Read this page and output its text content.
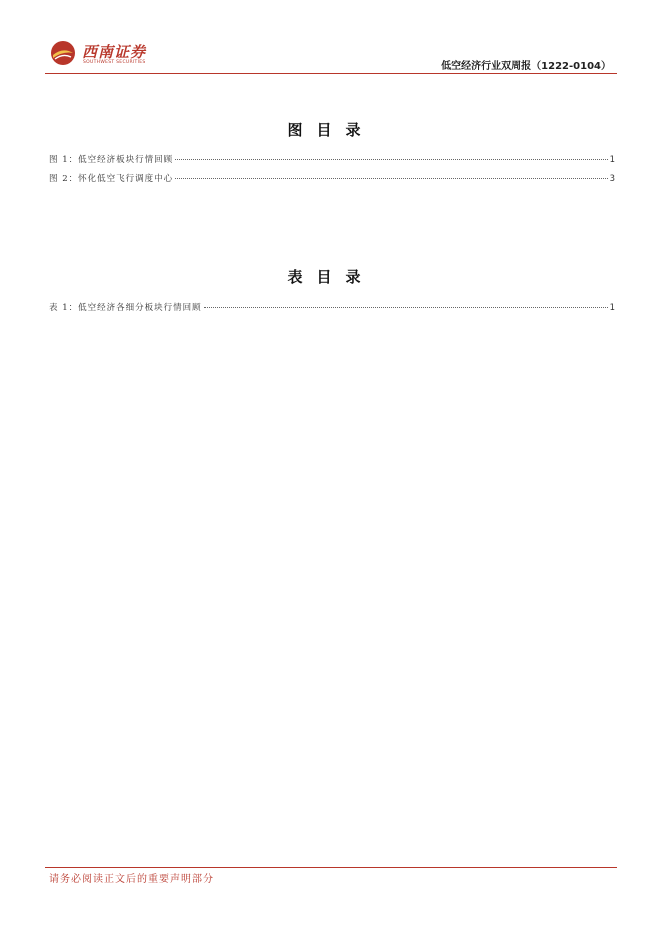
西南证券
SOUTHWEST SECURITIES	低空经济行业双周报（1222-0104）
图目录
图 1：低空经济板块行情回顾	1
图 2：怀化低空飞行调度中心	3
表目录
表 1：低空经济各细分板块行情回顾	1
请务必阅读正文后的重要声明部分
